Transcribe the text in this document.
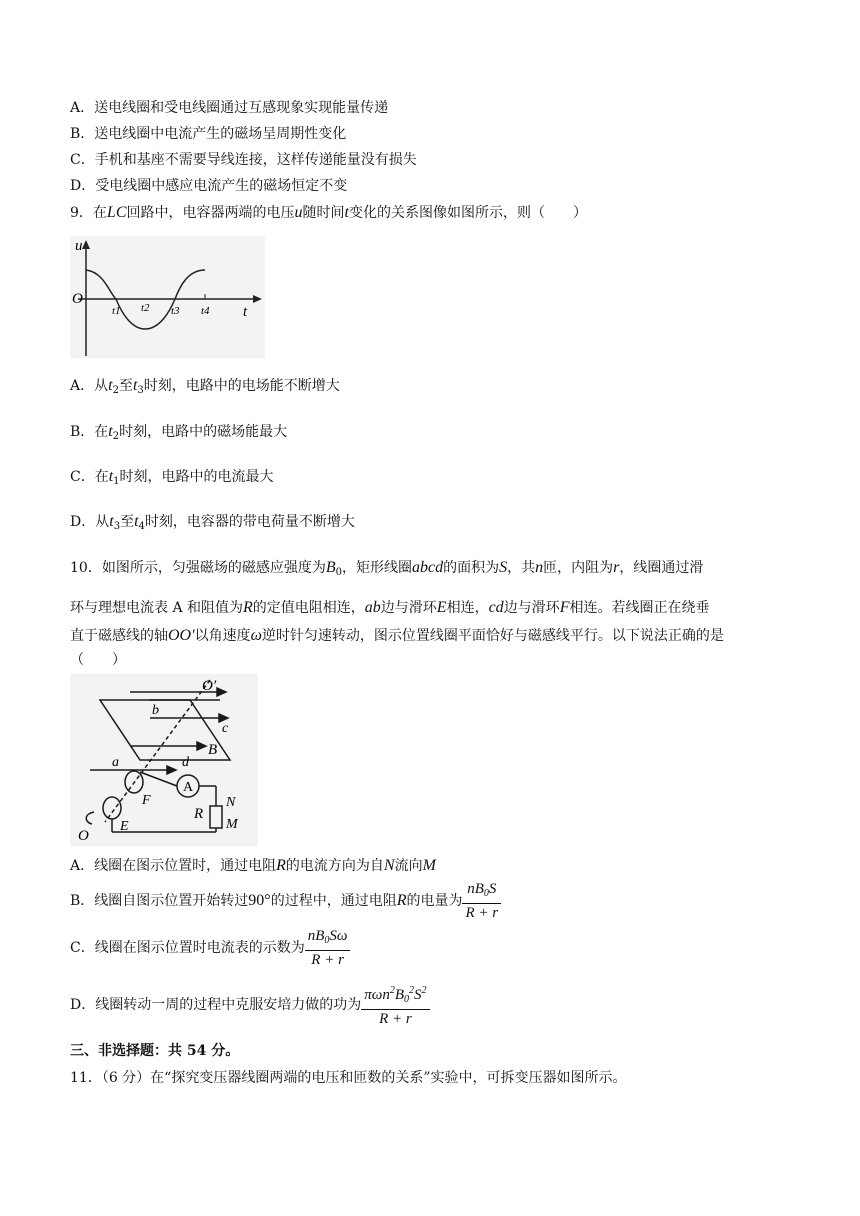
A．送电线圈和受电线圈通过互感现象实现能量传递
B．送电线圈中电流产生的磁场呈周期性变化
C．手机和基座不需要导线连接，这样传递能量没有损失
D．受电线圈中感应电流产生的磁场恒定不变
9．在LC回路中，电容器两端的电压u随时间t变化的关系图像如图所示，则（　　）
u
O
t1 t2 t3 t4 t
A．从$t_2$至$t_3$时刻，电路中的电场能不断增大
B．在$t_2$时刻，电路中的磁场能最大
C．在$t_1$时刻，电路中的电流最大
D．从$t_3$至$t_4$时刻，电容器的带电荷量不断增大
10．如图所示，匀强磁场的磁感应强度为$B_0$，矩形线圈abcd的面积为S，共n匝，内阻为r，线圈通过滑
环与理想电流表 A 和阻值为R的定值电阻相连，ab边与滑环E相连，cd边与滑环F相连。若线圈正在绕垂
直于磁感线的轴OO′以角速度ω逆时针匀速转动，图示位置线圈平面恰好与磁感线平行。以下说法正确的是
（　　）
O′
b
c
B
a	d
A
F	N
R
M
O
E
A．线圈在图示位置时，通过电阻R的电流方向为自N流向M
B．线圈自图示位置开始转过90°的过程中，通过电阻R的电量为 $\frac{nB_0S}{R + r}$
C．线圈在图示位置时电流表的示数为 $\frac{nB_0S\omega}{R + r}$
D．线圈转动一周的过程中克服安培力做的功为 $\frac{\pi\omega n^2B_0^2S^2}{R + r}$
三、非选择题：共 54 分。
11．（6 分）在“探究变压器线圈两端的电压和匝数的关系”实验中，可拆变压器如图所示。
